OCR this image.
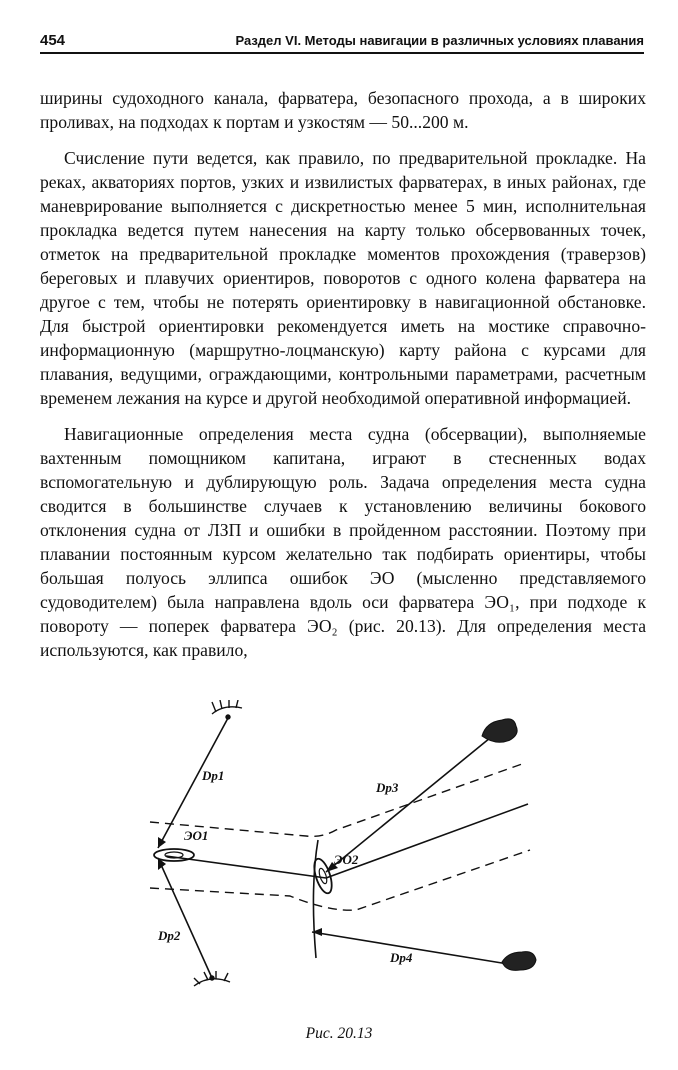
454	Раздел VI. Методы навигации в различных условиях плавания

ширины судоходного канала, фарватера, безопасного прохода, а в широких проливах, на подходах к портам и узкостям — 50...200 м.

Счисление пути ведется, как правило, по предварительной прокладке. На реках, акваториях портов, узких и извилистых фарватерах, в иных районах, где маневрирование выполняется с дискретностью менее 5 мин, исполнительная прокладка ведется путем нанесения на карту только обсервованных точек, отметок на предварительной прокладке моментов прохождения (траверзов) береговых и плавучих ориентиров, поворотов с одного колена фарватера на другое с тем, чтобы не потерять ориентировку в навигационной обстановке. Для быстрой ориентировки рекомендуется иметь на мостике справочно-информационную (маршрутно-лоцманскую) карту района с курсами для плавания, ведущими, ограждающими, контрольными параметрами, расчетным временем лежания на курсе и другой необходимой оперативной информацией.

Навигационные определения места судна (обсервации), выполняемые вахтенным помощником капитана, играют в стесненных водах вспомогательную и дублирующую роль. Задача определения места судна сводится в большинстве случаев к установлению величины бокового отклонения судна от ЛЗП и ошибки в пройденном расстоянии. Поэтому при плавании постоянным курсом желательно так подбирать ориентиры, чтобы большая полуось эллипса ошибок ЭО (мысленно представляемого судоводителем) была направлена вдоль оси фарватера ЭО₁, при подходе к повороту — поперек фарватера ЭО₂ (рис. 20.13). Для определения места используются, как правило,

Dp1
Dp2
Dp3
Dp4
ЭО1
ЭО2
Рис. 20.13
